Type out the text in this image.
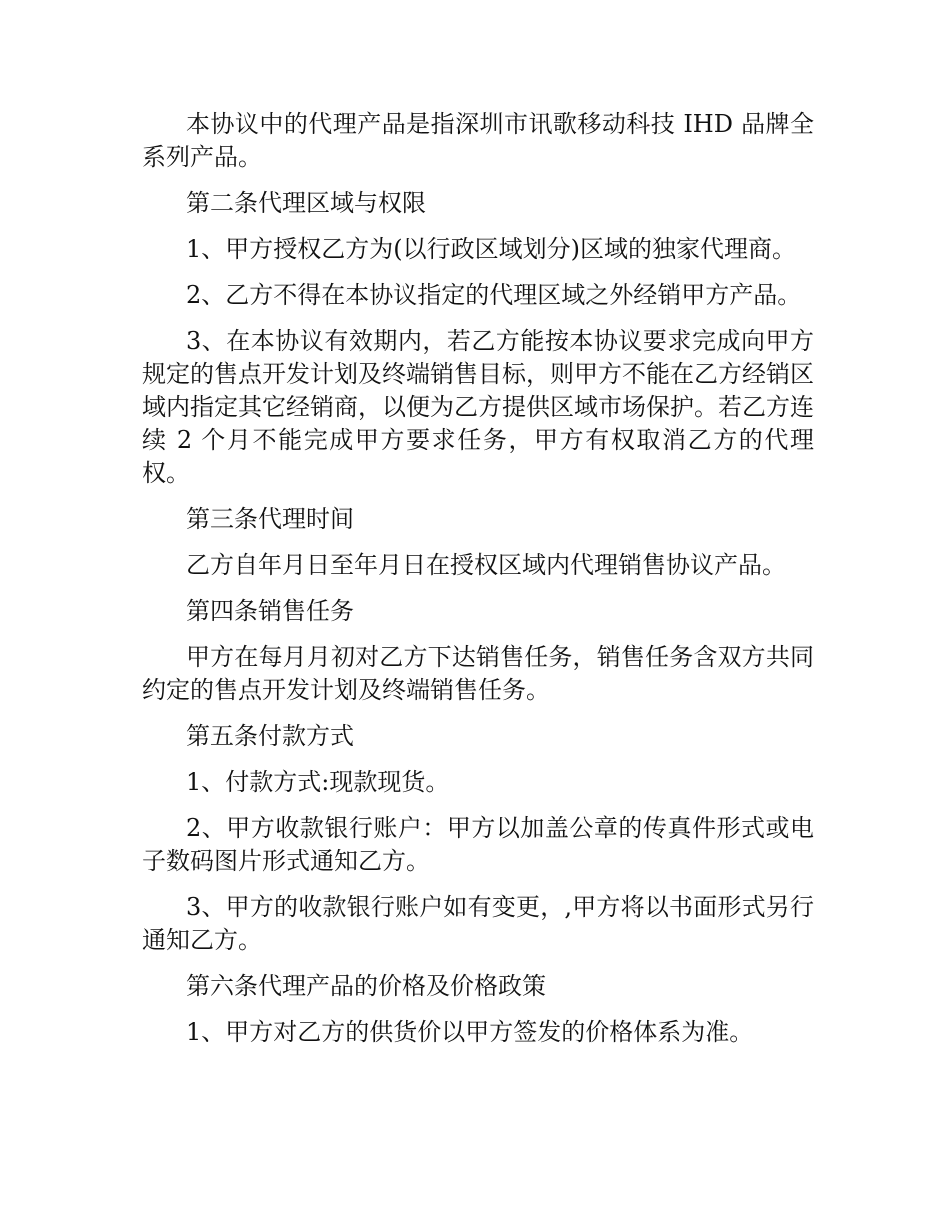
本协议中的代理产品是指深圳市讯歌移动科技 IHD 品牌全系列产品。

第二条代理区域与权限

1、甲方授权乙方为(以行政区域划分)区域的独家代理商。

2、乙方不得在本协议指定的代理区域之外经销甲方产品。

3、在本协议有效期内，若乙方能按本协议要求完成向甲方规定的售点开发计划及终端销售目标，则甲方不能在乙方经销区域内指定其它经销商，以便为乙方提供区域市场保护。若乙方连续 2 个月不能完成甲方要求任务，甲方有权取消乙方的代理权。

第三条代理时间

乙方自年月日至年月日在授权区域内代理销售协议产品。

第四条销售任务

甲方在每月月初对乙方下达销售任务，销售任务含双方共同约定的售点开发计划及终端销售任务。

第五条付款方式

1、付款方式:现款现货。

2、甲方收款银行账户：甲方以加盖公章的传真件形式或电子数码图片形式通知乙方。

3、甲方的收款银行账户如有变更，,甲方将以书面形式另行通知乙方。

第六条代理产品的价格及价格政策

1、甲方对乙方的供货价以甲方签发的价格体系为准。
